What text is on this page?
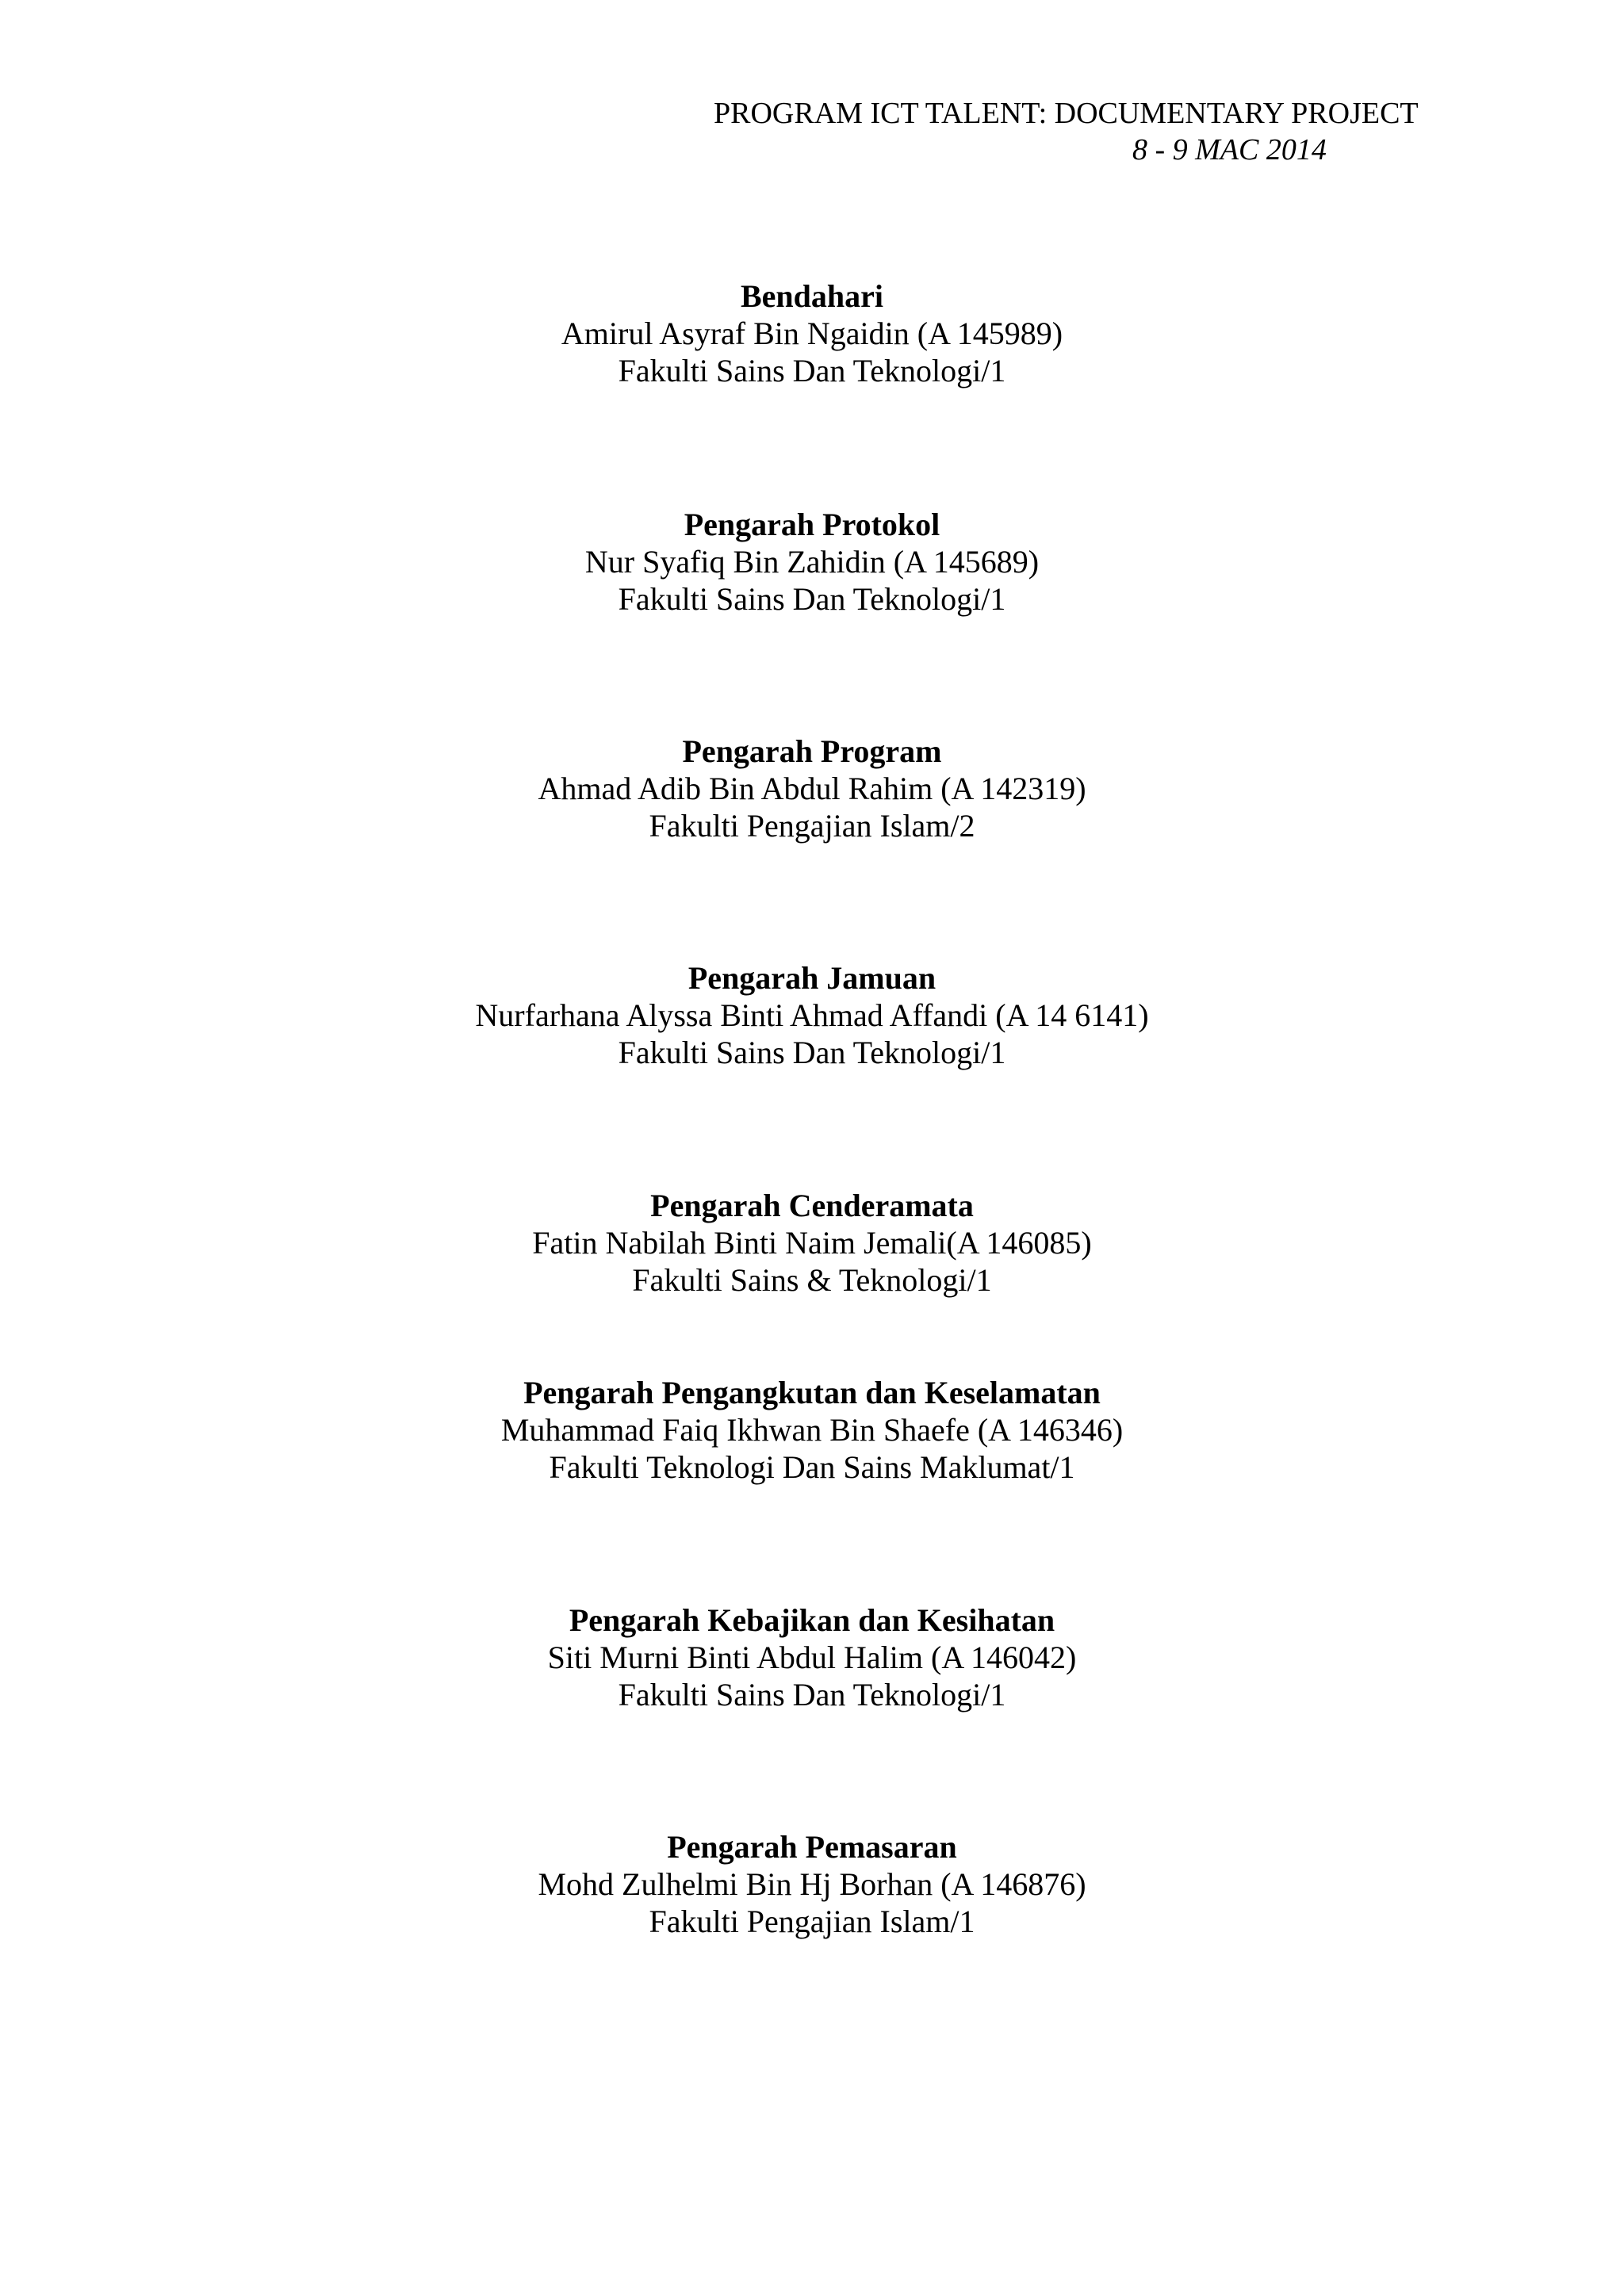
PROGRAM ICT TALENT: DOCUMENTARY PROJECT
8 - 9 MAC 2014
Bendahari
Amirul Asyraf Bin Ngaidin (A 145989)
Fakulti Sains Dan Teknologi/1
Pengarah Protokol
Nur Syafiq Bin Zahidin (A 145689)
Fakulti Sains Dan Teknologi/1
Pengarah Program
Ahmad Adib Bin Abdul Rahim (A 142319)
Fakulti Pengajian Islam/2
Pengarah Jamuan
Nurfarhana Alyssa Binti Ahmad Affandi (A 14 6141)
Fakulti Sains Dan Teknologi/1
Pengarah Cenderamata
Fatin Nabilah Binti Naim Jemali(A 146085)
Fakulti Sains & Teknologi/1
Pengarah Pengangkutan dan Keselamatan
Muhammad Faiq Ikhwan Bin Shaefe (A 146346)
Fakulti Teknologi Dan Sains Maklumat/1
Pengarah Kebajikan dan Kesihatan
Siti Murni Binti Abdul Halim (A 146042)
Fakulti Sains Dan Teknologi/1
Pengarah Pemasaran
Mohd Zulhelmi Bin Hj Borhan (A 146876)
Fakulti Pengajian Islam/1
